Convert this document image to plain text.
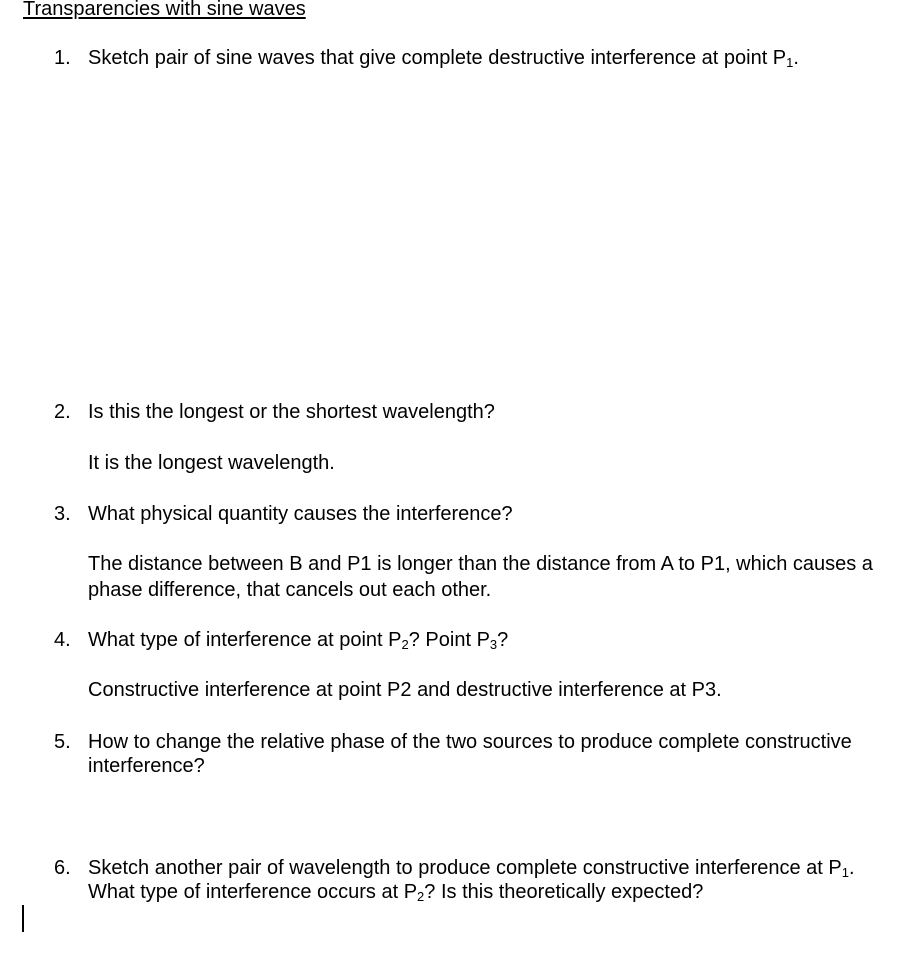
Transparencies with sine waves
1. Sketch pair of sine waves that give complete destructive interference at point $P_1$.
2. Is this the longest or the shortest wavelength?
It is the longest wavelength.
3. What physical quantity causes the interference?
The distance between B and P1 is longer than the distance from A to P1, which causes a phase difference, that cancels out each other.
4. What type of interference at point $P_2$? Point $P_3$?
Constructive interference at point P2 and destructive interference at P3.
5. How to change the relative phase of the two sources to produce complete constructive interference?
6. Sketch another pair of wavelength to produce complete constructive interference at $P_1$. What type of interference occurs at $P_2$? Is this theoretically expected?
